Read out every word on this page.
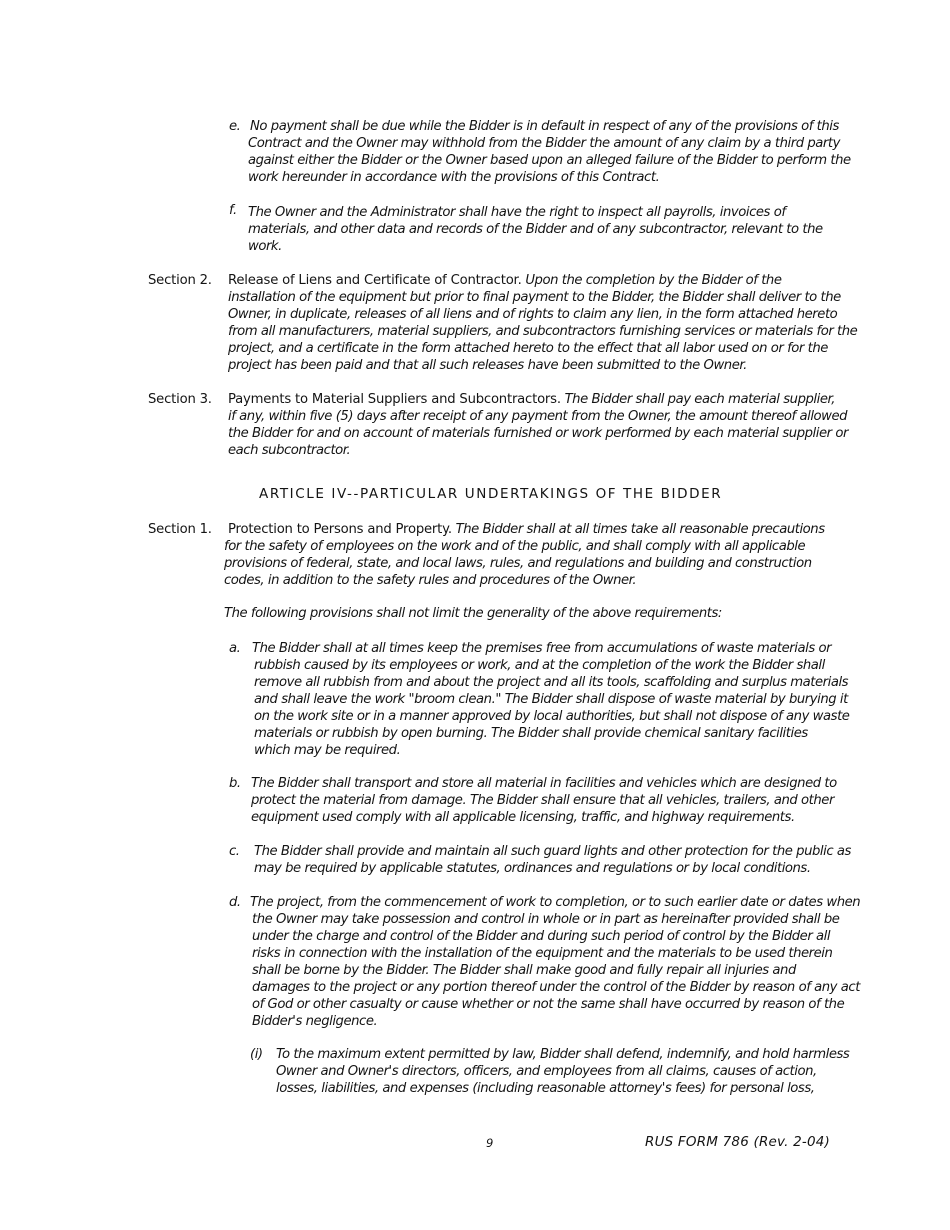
e. No payment shall be due while the Bidder is in default in respect of any of the provisions of this
Contract and the Owner may withhold from the Bidder the amount of any claim by a third party
against either the Bidder or the Owner based upon an alleged failure of the Bidder to perform the
work hereunder in accordance with the provisions of this Contract.
f. The Owner and the Administrator shall have the right to inspect all payrolls, invoices of
materials, and other data and records of the Bidder and of any subcontractor, relevant to the
work.
Section 2. Release of Liens and Certificate of Contractor. Upon the completion by the Bidder of the
installation of the equipment but prior to final payment to the Bidder, the Bidder shall deliver to the
Owner, in duplicate, releases of all liens and of rights to claim any lien, in the form attached hereto
from all manufacturers, material suppliers, and subcontractors furnishing services or materials for the
project, and a certificate in the form attached hereto to the effect that all labor used on or for the
project has been paid and that all such releases have been submitted to the Owner.
Section 3. Payments to Material Suppliers and Subcontractors. The Bidder shall pay each material supplier,
if any, within five (5) days after receipt of any payment from the Owner, the amount thereof allowed
the Bidder for and on account of materials furnished or work performed by each material supplier or
each subcontractor.
ARTICLE IV--PARTICULAR UNDERTAKINGS OF THE BIDDER
Section 1. Protection to Persons and Property. The Bidder shall at all times take all reasonable precautions
for the safety of employees on the work and of the public, and shall comply with all applicable
provisions of federal, state, and local laws, rules, and regulations and building and construction
codes, in addition to the safety rules and procedures of the Owner.
The following provisions shall not limit the generality of the above requirements:
a. The Bidder shall at all times keep the premises free from accumulations of waste materials or
rubbish caused by its employees or work, and at the completion of the work the Bidder shall
remove all rubbish from and about the project and all its tools, scaffolding and surplus materials
and shall leave the work "broom clean." The Bidder shall dispose of waste material by burying it
on the work site or in a manner approved by local authorities, but shall not dispose of any waste
materials or rubbish by open burning. The Bidder shall provide chemical sanitary facilities
which may be required.
b. The Bidder shall transport and store all material in facilities and vehicles which are designed to
protect the material from damage. The Bidder shall ensure that all vehicles, trailers, and other
equipment used comply with all applicable licensing, traffic, and highway requirements.
c. The Bidder shall provide and maintain all such guard lights and other protection for the public as
may be required by applicable statutes, ordinances and regulations or by local conditions.
d. The project, from the commencement of work to completion, or to such earlier date or dates when
the Owner may take possession and control in whole or in part as hereinafter provided shall be
under the charge and control of the Bidder and during such period of control by the Bidder all
risks in connection with the installation of the equipment and the materials to be used therein
shall be borne by the Bidder. The Bidder shall make good and fully repair all injuries and
damages to the project or any portion thereof under the control of the Bidder by reason of any act
of God or other casualty or cause whether or not the same shall have occurred by reason of the
Bidder's negligence.
(i) To the maximum extent permitted by law, Bidder shall defend, indemnify, and hold harmless
Owner and Owner's directors, officers, and employees from all claims, causes of action,
losses, liabilities, and expenses (including reasonable attorney's fees) for personal loss,
9	RUS FORM 786 (Rev. 2-04)
